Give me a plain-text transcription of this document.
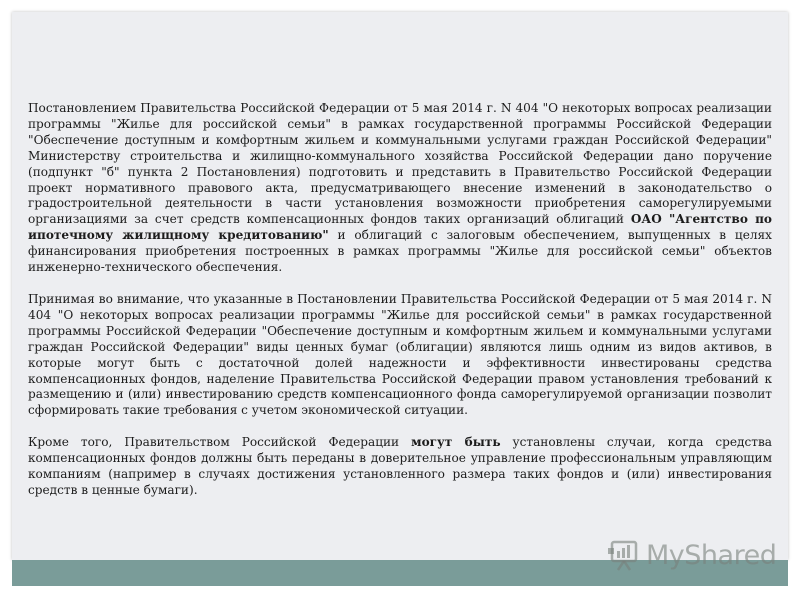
Постановлением Правительства Российской Федерации от 5 мая 2014 г. N 404 "О некоторых вопросах реализации программы "Жилье для российской семьи" в рамках государственной программы Российской Федерации "Обеспечение доступным и комфортным жильем и коммунальными услугами граждан Российской Федерации" Министерству строительства и жилищно-коммунального хозяйства Российской Федерации дано поручение (подпункт "б" пункта 2 Постановления) подготовить и представить в Правительство Российской Федерации проект нормативного правового акта, предусматривающего внесение изменений в законодательство о градостроительной деятельности в части установления возможности приобретения саморегулируемыми организациями за счет средств компенсационных фондов таких организаций облигаций ОАО "Агентство по ипотечному жилищному кредитованию" и облигаций с залоговым обеспечением, выпущенных в целях финансирования приобретения построенных в рамках программы "Жилье для российской семьи" объектов инженерно-технического обеспечения.

Принимая во внимание, что указанные в Постановлении Правительства Российской Федерации от 5 мая 2014 г. N 404 "О некоторых вопросах реализации программы "Жилье для российской семьи" в рамках государственной программы Российской Федерации "Обеспечение доступным и комфортным жильем и коммунальными услугами граждан Российской Федерации" виды ценных бумаг (облигации) являются лишь одним из видов активов, в которые могут быть с достаточной долей надежности и эффективности инвестированы средства компенсационных фондов, наделение Правительства Российской Федерации правом установления требований к размещению и (или) инвестированию средств компенсационного фонда саморегулируемой организации позволит сформировать такие требования с учетом экономической ситуации.

Кроме того, Правительством Российской Федерации могут быть установлены случаи, когда средства компенсационных фондов должны быть переданы в доверительное управление профессиональным управляющим компаниям (например в случаях достижения установленного размера таких фондов и (или) инвестирования средств в ценные бумаги).

MyShared
